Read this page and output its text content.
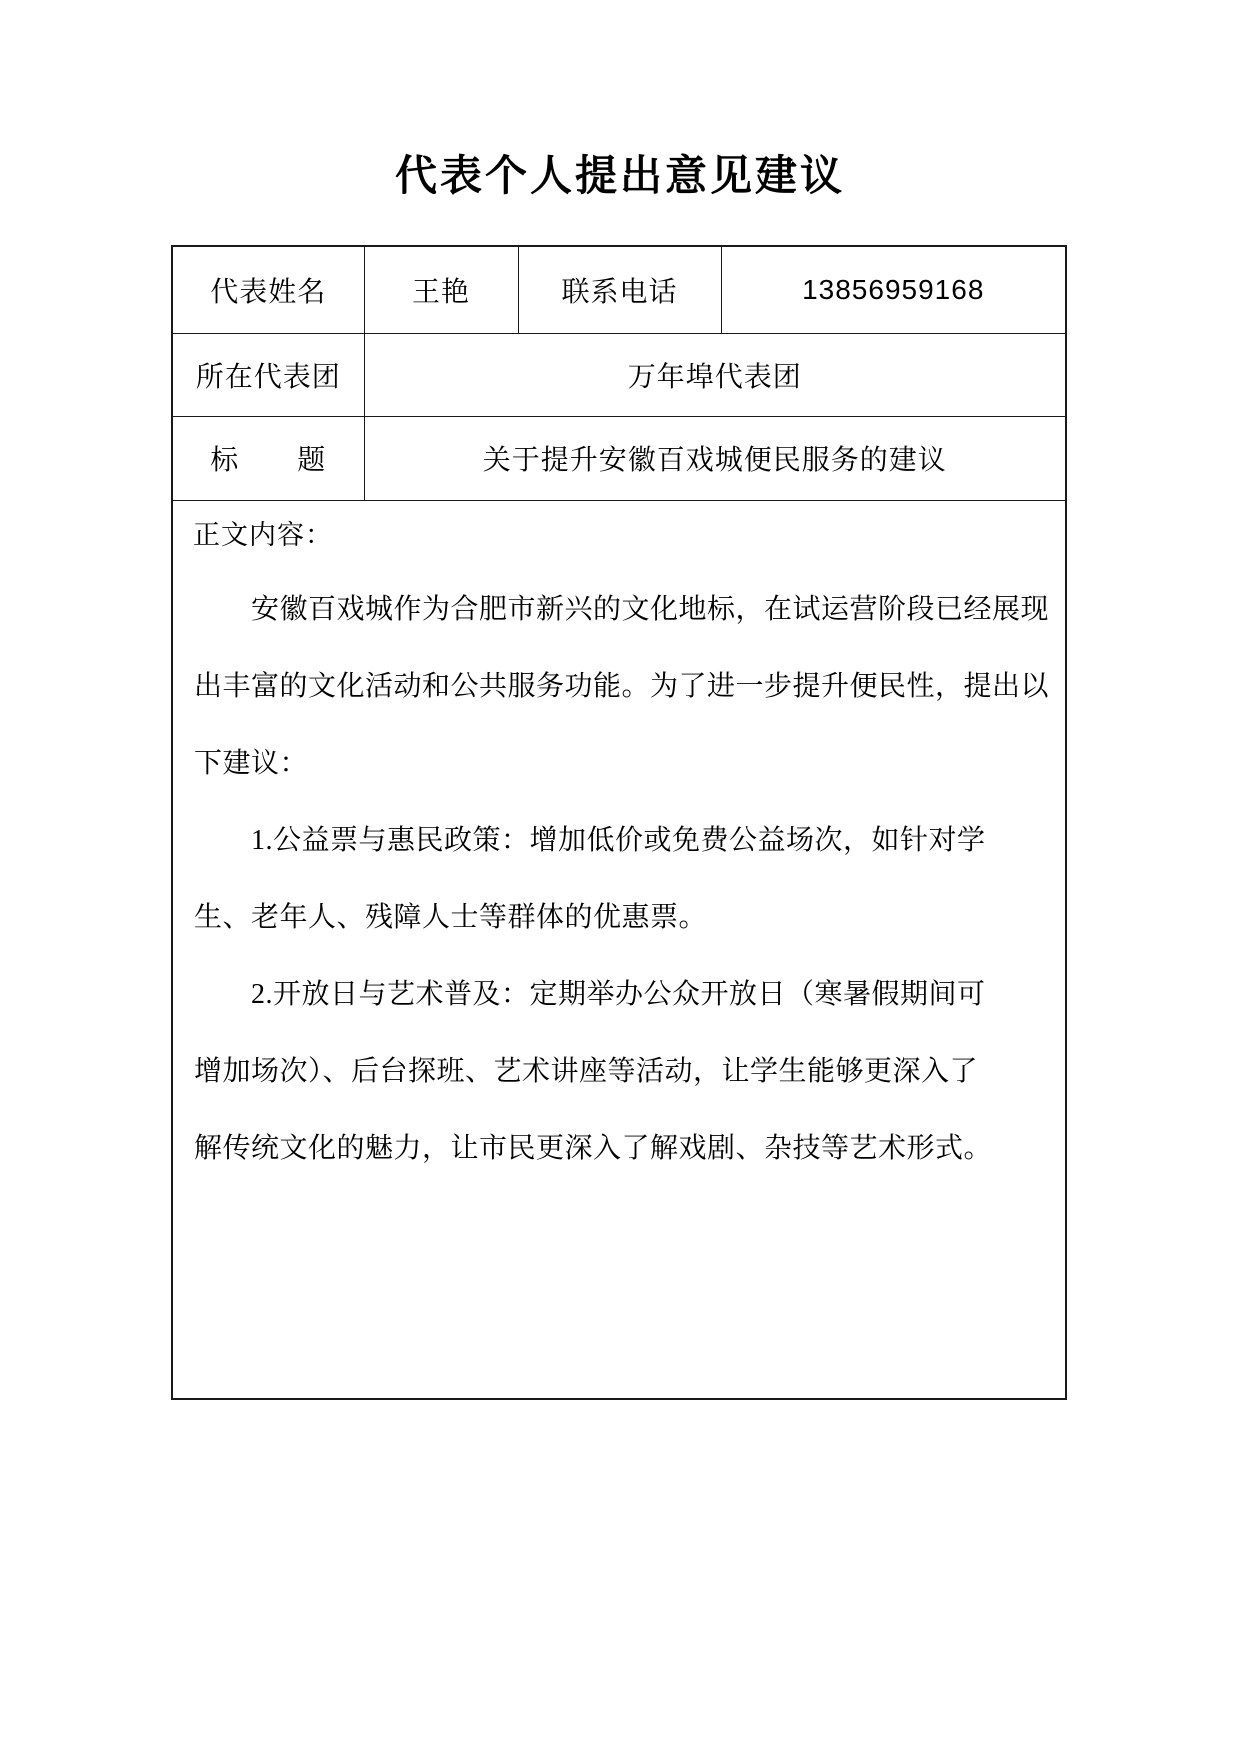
代表个人提出意见建议
代表姓名	王艳	联系电话	13856959168
所在代表团	万年埠代表团		
标　　题	关于提升安徽百戏城便民服务的建议		

正文内容：
　　安徽百戏城作为合肥市新兴的文化地标，在试运营阶段已经展现
出丰富的文化活动和公共服务功能。为了进一步提升便民性，提出以
下建议：
　　1.公益票与惠民政策：增加低价或免费公益场次，如针对学
生、老年人、残障人士等群体的优惠票。
　　2.开放日与艺术普及：定期举办公众开放日（寒暑假期间可
增加场次）、后台探班、艺术讲座等活动，让学生能够更深入了
解传统文化的魅力，让市民更深入了解戏剧、杂技等艺术形式。
